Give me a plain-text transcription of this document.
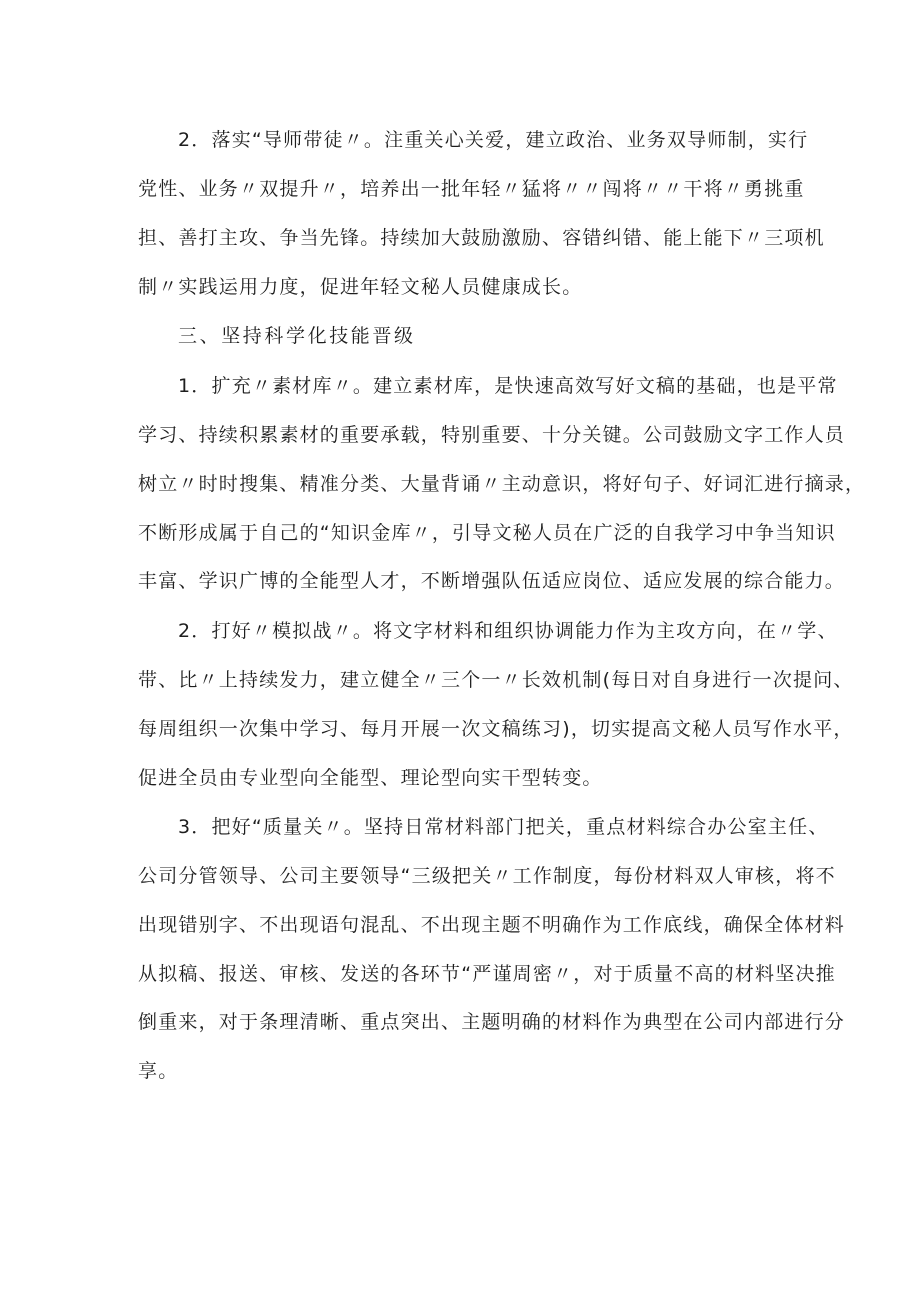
2．落实“导师带徒〃。注重关心关爱，建立政治、业务双导师制，实行
党性、业务〃双提升〃，培养出一批年轻〃猛将〃〃闯将〃〃干将〃勇挑重
担、善打主攻、争当先锋。持续加大鼓励激励、容错纠错、能上能下〃三项机
制〃实践运用力度，促进年轻文秘人员健康成长。
三、坚持科学化技能晋级
1．扩充〃素材库〃。建立素材库，是快速高效写好文稿的基础，也是平常
学习、持续积累素材的重要承载，特别重要、十分关键。公司鼓励文字工作人员
树立〃时时搜集、精准分类、大量背诵〃主动意识，将好句子、好词汇进行摘录，
不断形成属于自己的“知识金库〃，引导文秘人员在广泛的自我学习中争当知识
丰富、学识广博的全能型人才，不断增强队伍适应岗位、适应发展的综合能力。
2．打好〃模拟战〃。将文字材料和组织协调能力作为主攻方向，在〃学、
带、比〃上持续发力，建立健全〃三个一〃长效机制(每日对自身进行一次提问、
每周组织一次集中学习、每月开展一次文稿练习)，切实提高文秘人员写作水平，
促进全员由专业型向全能型、理论型向实干型转变。
3．把好“质量关〃。坚持日常材料部门把关，重点材料综合办公室主任、
公司分管领导、公司主要领导“三级把关〃工作制度，每份材料双人审核，将不
出现错别字、不出现语句混乱、不出现主题不明确作为工作底线，确保全体材料
从拟稿、报送、审核、发送的各环节“严谨周密〃，对于质量不高的材料坚决推
倒重来，对于条理清晰、重点突出、主题明确的材料作为典型在公司内部进行分
享。
